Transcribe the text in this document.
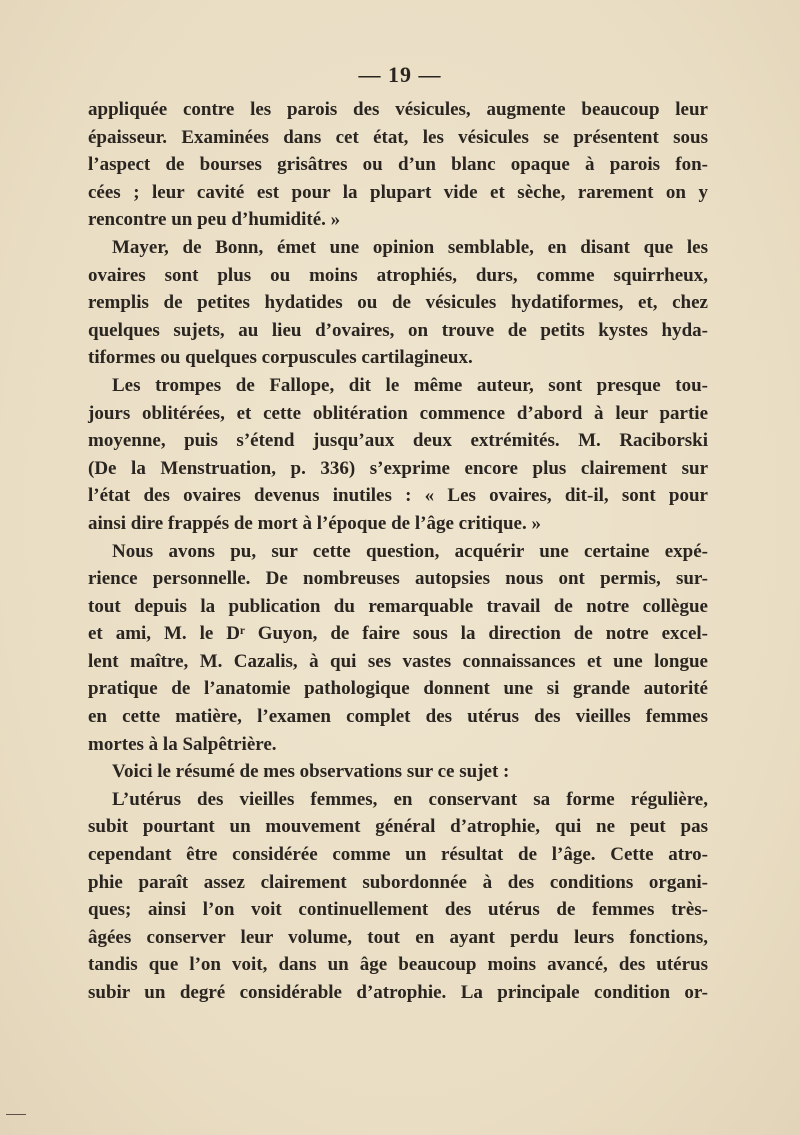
— 19 —
appliquée contre les parois des vésicules, augmente beaucoup leur
épaisseur. Examinées dans cet état, les vésicules se présentent sous
l’aspect de bourses grisâtres ou d’un blanc opaque à parois fon-
cées ; leur cavité est pour la plupart vide et sèche, rarement on y
rencontre un peu d’humidité. »
Mayer, de Bonn, émet une opinion semblable, en disant que les
ovaires sont plus ou moins atrophiés, durs, comme squirrheux,
remplis de petites hydatides ou de vésicules hydatiformes, et, chez
quelques sujets, au lieu d’ovaires, on trouve de petits kystes hyda-
tiformes ou quelques corpuscules cartilagineux.
Les trompes de Fallope, dit le même auteur, sont presque tou-
jours oblitérées, et cette oblitération commence d’abord à leur partie
moyenne, puis s’étend jusqu’aux deux extrémités. M. Raciborski
(De la Menstruation, p. 336) s’exprime encore plus clairement sur
l’état des ovaires devenus inutiles : « Les ovaires, dit-il, sont pour
ainsi dire frappés de mort à l’époque de l’âge critique. »
Nous avons pu, sur cette question, acquérir une certaine expé-
rience personnelle. De nombreuses autopsies nous ont permis, sur-
tout depuis la publication du remarquable travail de notre collègue
et ami, M. le Dʳ Guyon, de faire sous la direction de notre excel-
lent maître, M. Cazalis, à qui ses vastes connaissances et une longue
pratique de l’anatomie pathologique donnent une si grande autorité
en cette matière, l’examen complet des utérus des vieilles femmes
mortes à la Salpêtrière.
Voici le résumé de mes observations sur ce sujet :
L’utérus des vieilles femmes, en conservant sa forme régulière,
subit pourtant un mouvement général d’atrophie, qui ne peut pas
cependant être considérée comme un résultat de l’âge. Cette atro-
phie paraît assez clairement subordonnée à des conditions organi-
ques; ainsi l’on voit continuellement des utérus de femmes très-
âgées conserver leur volume, tout en ayant perdu leurs fonctions,
tandis que l’on voit, dans un âge beaucoup moins avancé, des utérus
subir un degré considérable d’atrophie. La principale condition or-
